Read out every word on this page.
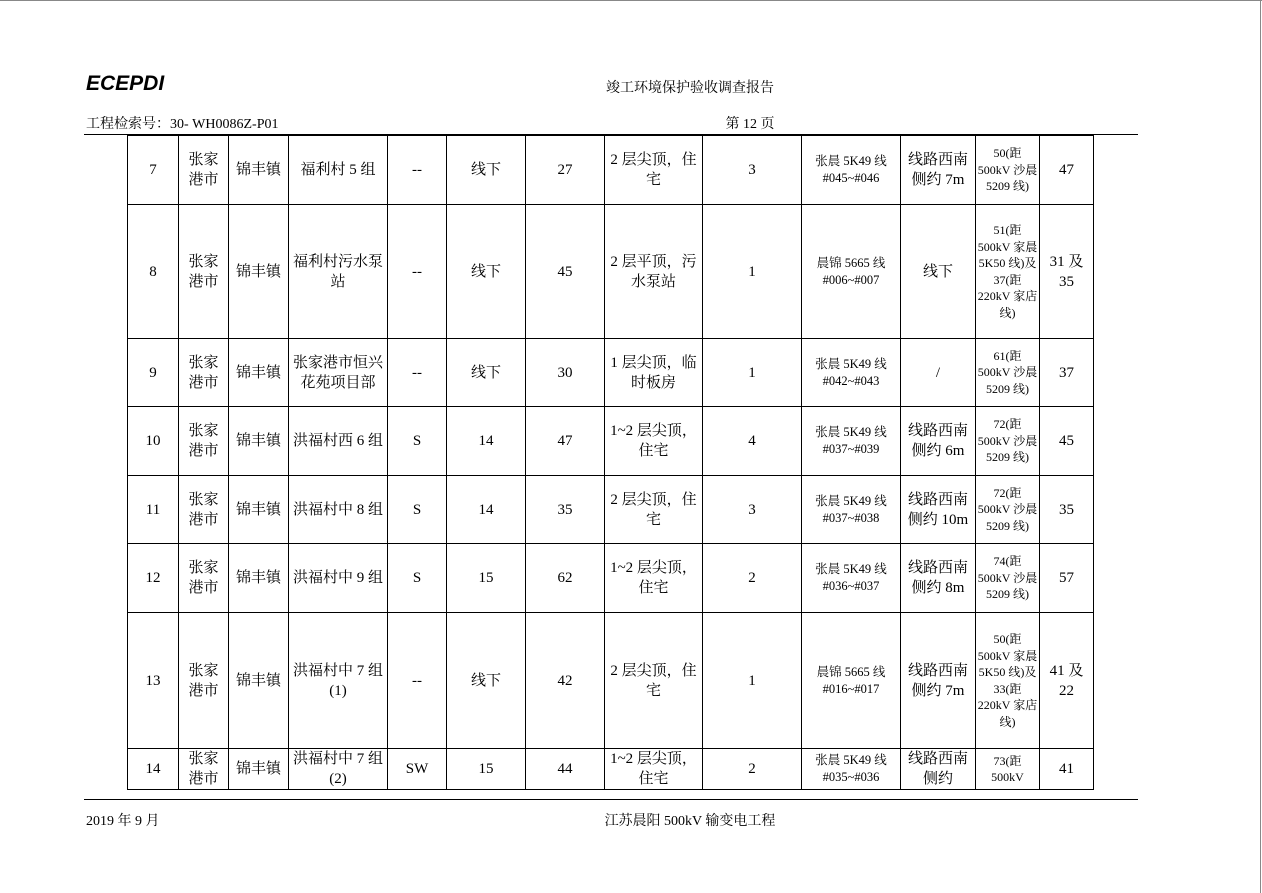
ECEPDI	竣工环境保护验收调查报告
工程检索号：30- WH0086Z-P01	第 12 页
7	张家港市	锦丰镇	福利村 5 组	--	线下	27	2 层尖顶，住宅	3	张晨 5K49 线 #045~#046	线路西南侧约 7m	50(距 500kV 沙晨 5209 线)	47
8	张家港市	锦丰镇	福利村污水泵站	--	线下	45	2 层平顶，污水泵站	1	晨锦 5665 线 #006~#007	线下	51(距 500kV 家晨 5K50 线)及 37(距 220kV 家店线)	31 及 35
9	张家港市	锦丰镇	张家港市恒兴花苑项目部	--	线下	30	1 层尖顶，临时板房	1	张晨 5K49 线 #042~#043	/	61(距 500kV 沙晨 5209 线)	37
10	张家港市	锦丰镇	洪福村西 6 组	S	14	47	1~2 层尖顶，住宅	4	张晨 5K49 线 #037~#039	线路西南侧约 6m	72(距 500kV 沙晨 5209 线)	45
11	张家港市	锦丰镇	洪福村中 8 组	S	14	35	2 层尖顶，住宅	3	张晨 5K49 线 #037~#038	线路西南侧约 10m	72(距 500kV 沙晨 5209 线)	35
12	张家港市	锦丰镇	洪福村中 9 组	S	15	62	1~2 层尖顶，住宅	2	张晨 5K49 线 #036~#037	线路西南侧约 8m	74(距 500kV 沙晨 5209 线)	57
13	张家港市	锦丰镇	洪福村中 7 组(1)	--	线下	42	2 层尖顶，住宅	1	晨锦 5665 线 #016~#017	线路西南侧约 7m	50(距 500kV 家晨 5K50 线)及 33(距 220kV 家店线)	41 及 22
14	张家港市	锦丰镇	洪福村中 7 组(2)	SW	15	44	1~2 层尖顶，住宅	2	张晨 5K49 线 #035~#036	线路西南侧约	73(距 500kV	41
2019 年 9 月	江苏晨阳 500kV 输变电工程
